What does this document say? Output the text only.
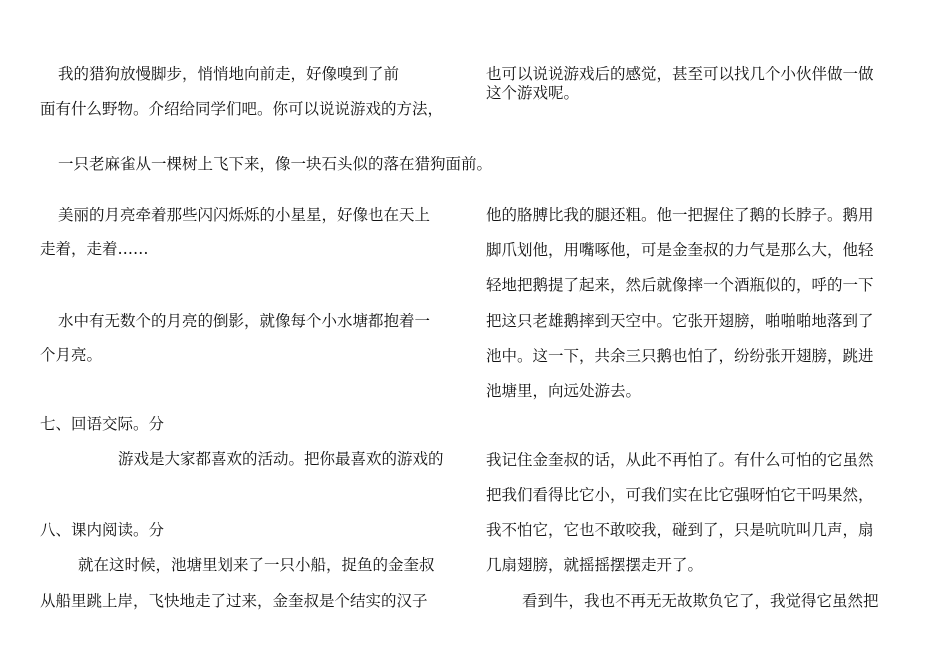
我的猎狗放慢脚步，悄悄地向前走，好像嗅到了前
面有什么野物。介绍给同学们吧。你可以说说游戏的方法，
一只老麻雀从一棵树上飞下来，像一块石头似的落在猎狗面前。
美丽的月亮牵着那些闪闪烁烁的小星星，好像也在天上
走着，走着……
水中有无数个的月亮的倒影，就像每个小水塘都抱着一
个月亮。
七、回语交际。分
游戏是大家都喜欢的活动。把你最喜欢的游戏的
八、课内阅读。分
就在这时候，池塘里划来了一只小船，捉鱼的金奎叔
从船里跳上岸，飞快地走了过来，金奎叔是个结实的汉子
也可以说说游戏后的感觉，甚至可以找几个小伙伴做一做
这个游戏呢。
他的胳膊比我的腿还粗。他一把握住了鹅的长脖子。鹅用
脚爪划他，用嘴啄他，可是金奎叔的力气是那么大，他轻
轻地把鹅提了起来，然后就像摔一个酒瓶似的，呼的一下
把这只老雄鹅摔到天空中。它张开翅膀，啪啪啪地落到了
池中。这一下，共余三只鹅也怕了，纷纷张开翅膀，跳进
池塘里，向远处游去。
我记住金奎叔的话，从此不再怕了。有什么可怕的它虽然
把我们看得比它小，可我们实在比它强呀怕它干吗果然，
我不怕它，它也不敢咬我，碰到了，只是吭吭叫几声，扇
几扇翅膀，就摇摇摆摆走开了。
看到牛，我也不再无无故欺负它了，我觉得它虽然把
